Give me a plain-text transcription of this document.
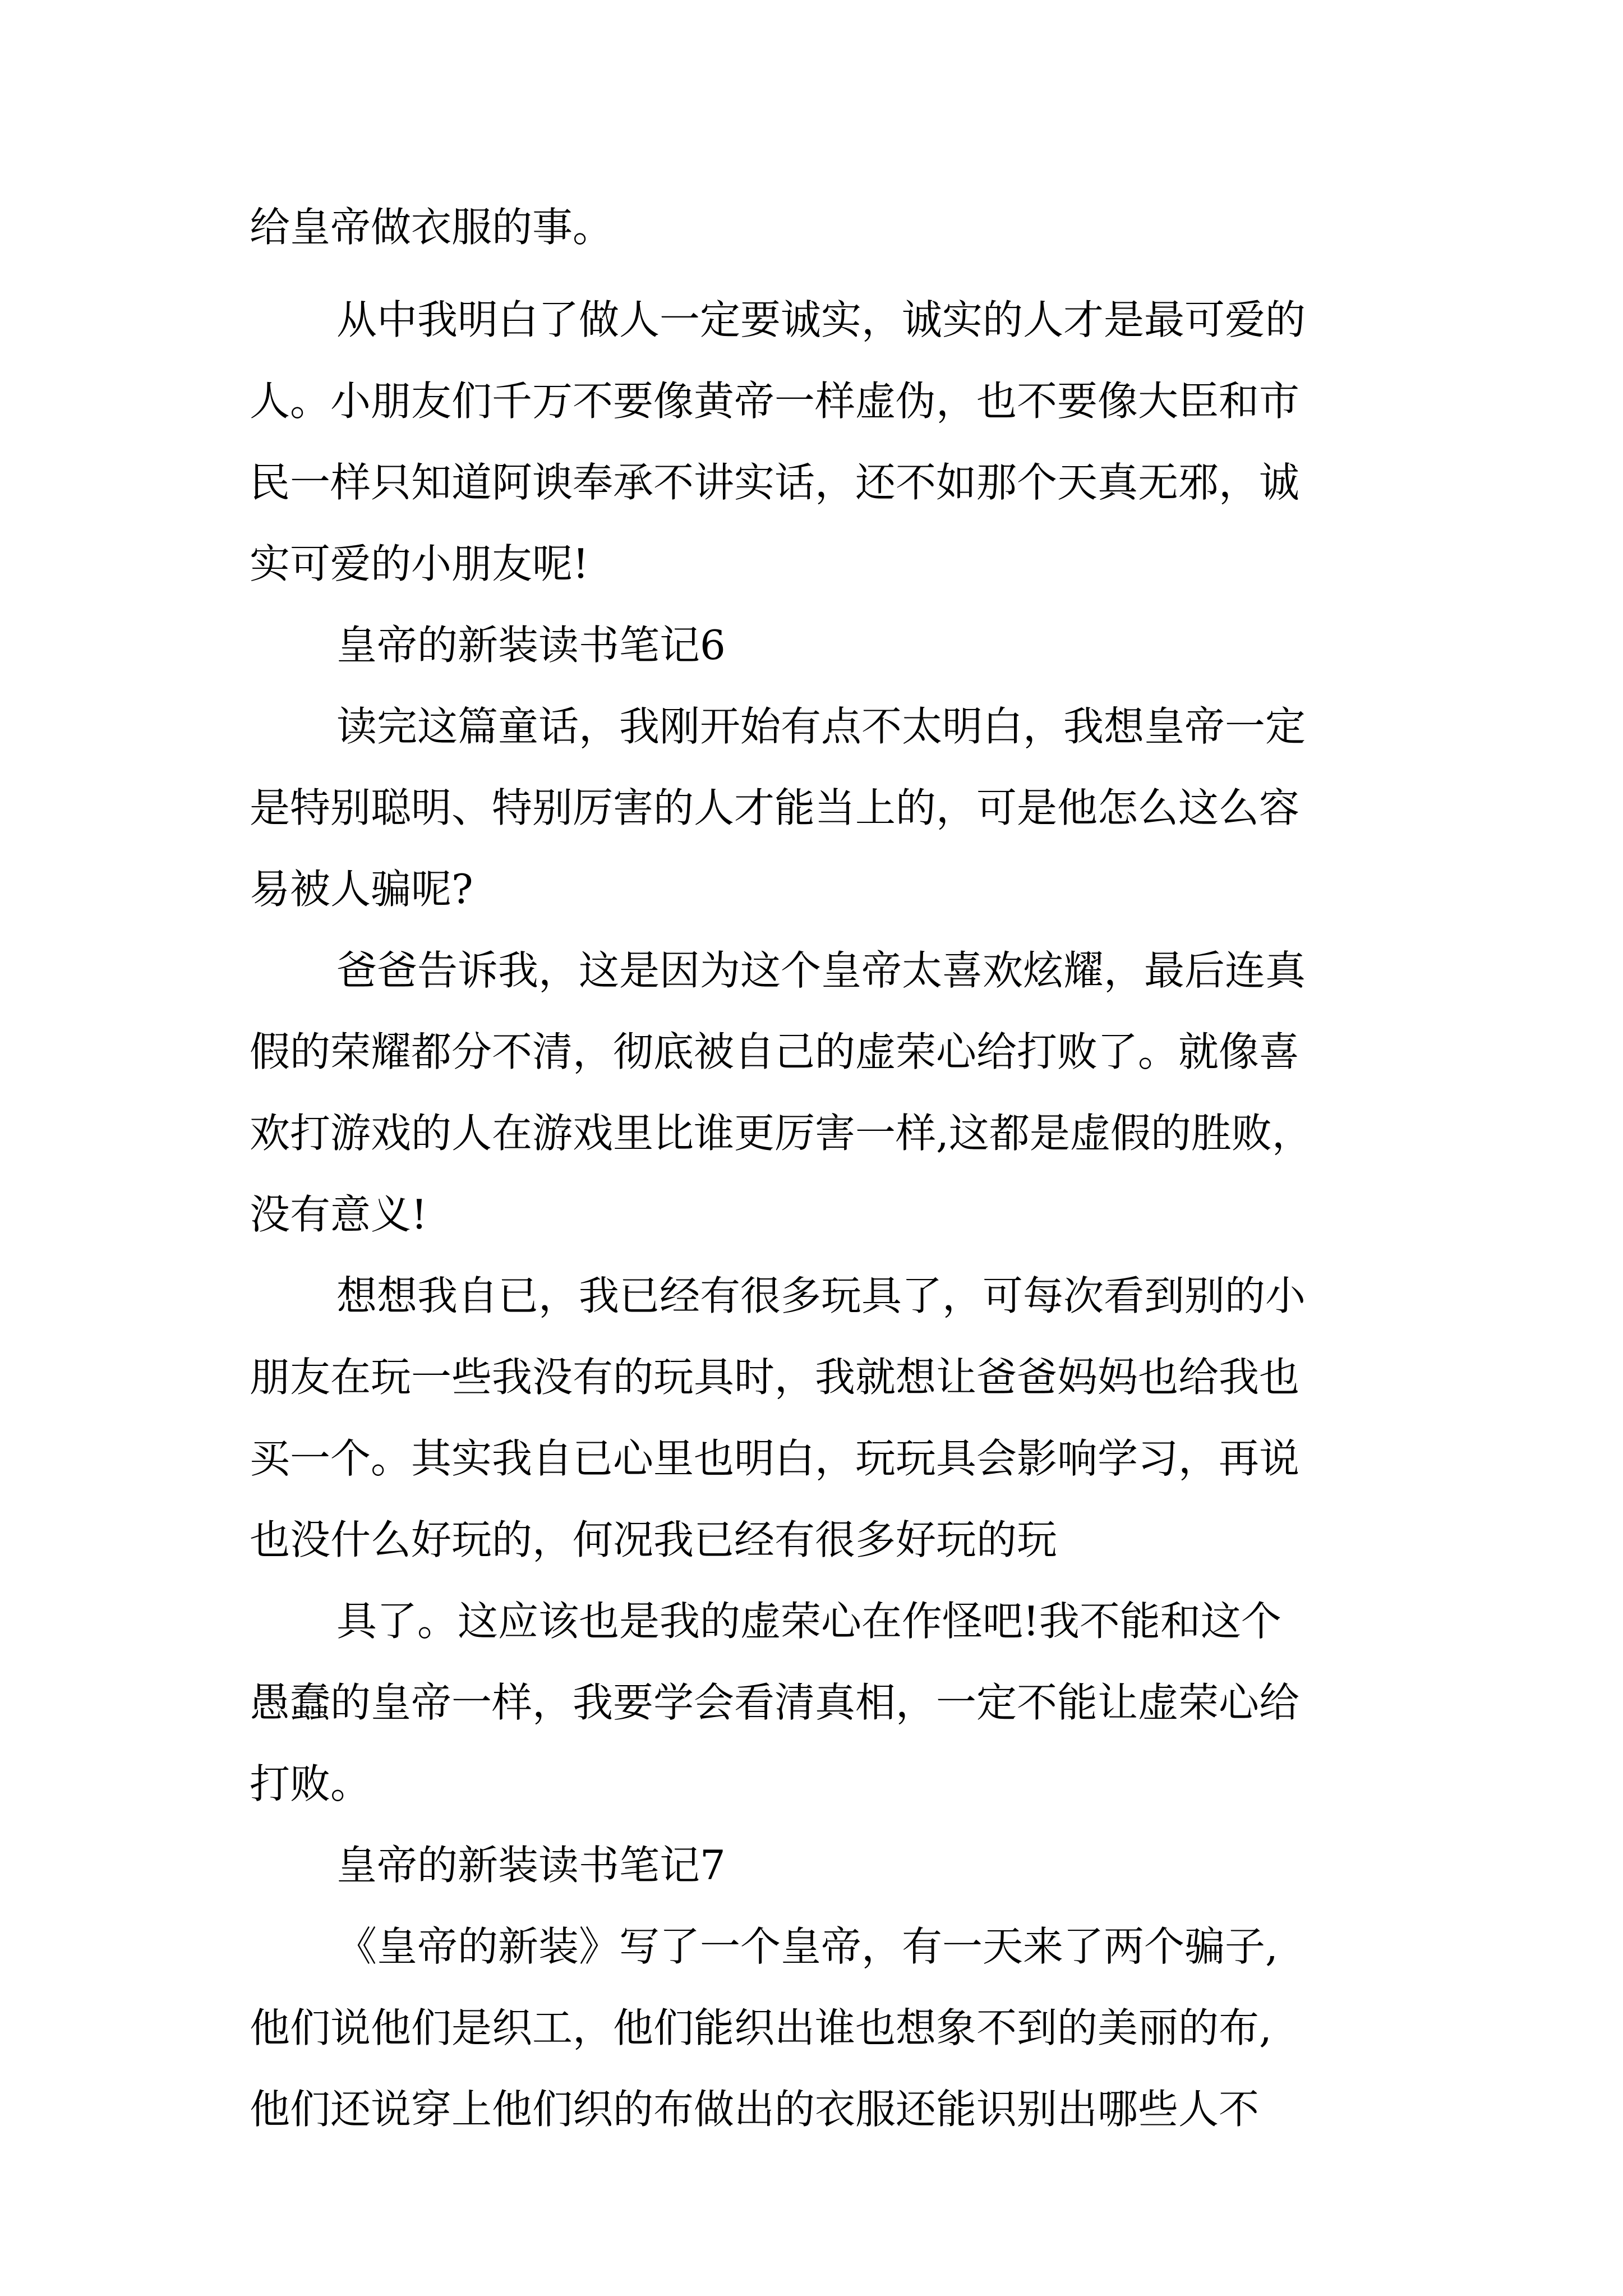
给皇帝做衣服的事。
从中我明白了做人一定要诚实，诚实的人才是最可爱的
人。小朋友们千万不要像黄帝一样虚伪，也不要像大臣和市
民一样只知道阿谀奉承不讲实话，还不如那个天真无邪，诚
实可爱的小朋友呢!
皇帝的新装读书笔记6
读完这篇童话，我刚开始有点不太明白，我想皇帝一定
是特别聪明、特别厉害的人才能当上的，可是他怎么这么容
易被人骗呢?
爸爸告诉我，这是因为这个皇帝太喜欢炫耀，最后连真
假的荣耀都分不清，彻底被自己的虚荣心给打败了。就像喜
欢打游戏的人在游戏里比谁更厉害一样,这都是虚假的胜败，
没有意义!
想想我自已，我已经有很多玩具了，可每次看到别的小
朋友在玩一些我没有的玩具时，我就想让爸爸妈妈也给我也
买一个。其实我自已心里也明白，玩玩具会影响学习，再说
也没什么好玩的，何况我已经有很多好玩的玩
具了。这应该也是我的虚荣心在作怪吧!我不能和这个
愚蠢的皇帝一样，我要学会看清真相，一定不能让虚荣心给
打败。
皇帝的新装读书笔记7
《皇帝的新装》写了一个皇帝，有一天来了两个骗子,
他们说他们是织工，他们能织出谁也想象不到的美丽的布,
他们还说穿上他们织的布做出的衣服还能识别出哪些人不
